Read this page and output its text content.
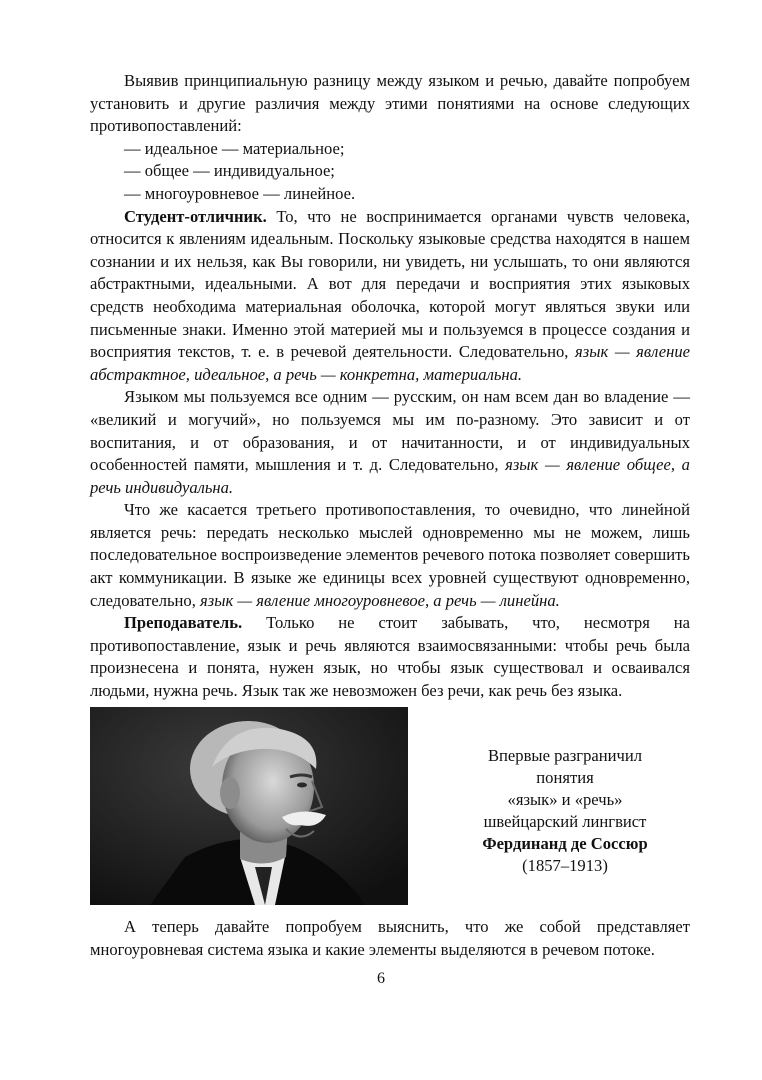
Выявив принципиальную разницу между языком и речью, давайте попробуем установить и другие различия между этими понятиями на основе следующих противопоставлений:

— идеальное — материальное;

— общее — индивидуальное;

— многоуровневое — линейное.

Студент-отличник. То, что не воспринимается органами чувств человека, относится к явлениям идеальным. Поскольку языковые средства находятся в нашем сознании и их нельзя, как Вы говорили, ни увидеть, ни услышать, то они являются абстрактными, идеальными. А вот для передачи и восприятия этих языковых средств необходима материальная оболочка, которой могут являться звуки или письменные знаки. Именно этой материей мы и пользуемся в процессе создания и восприятия текстов, т. е. в речевой деятельности. Следовательно, язык — явление абстрактное, идеальное, а речь — конкретна, материальна.

Языком мы пользуемся все одним — русским, он нам всем дан во владение — «великий и могучий», но пользуемся мы им по-разному. Это зависит и от воспитания, и от образования, и от начитанности, и от индивидуальных особенностей памяти, мышления и т. д. Следовательно, язык — явление общее, а речь индивидуальна.

Что же касается третьего противопоставления, то очевидно, что линейной является речь: передать несколько мыслей одновременно мы не можем, лишь последовательное воспроизведение элементов речевого потока позволяет совершить акт коммуникации. В языке же единицы всех уровней существуют одновременно, следовательно, язык — явление многоуровневое, а речь — линейна.

Преподаватель. Только не стоит забывать, что, несмотря на противопоставление, язык и речь являются взаимосвязанными: чтобы речь была произнесена и понята, нужен язык, но чтобы язык существовал и осваивался людьми, нужна речь. Язык так же невозможен без речи, как речь без языка.

Впервые разграничил
понятия
«язык» и «речь»
швейцарский лингвист
Фердинанд де Соссюр
(1857–1913)

А теперь давайте попробуем выяснить, что же собой представляет многоуровневая система языка и какие элементы выделяются в речевом потоке.

6
